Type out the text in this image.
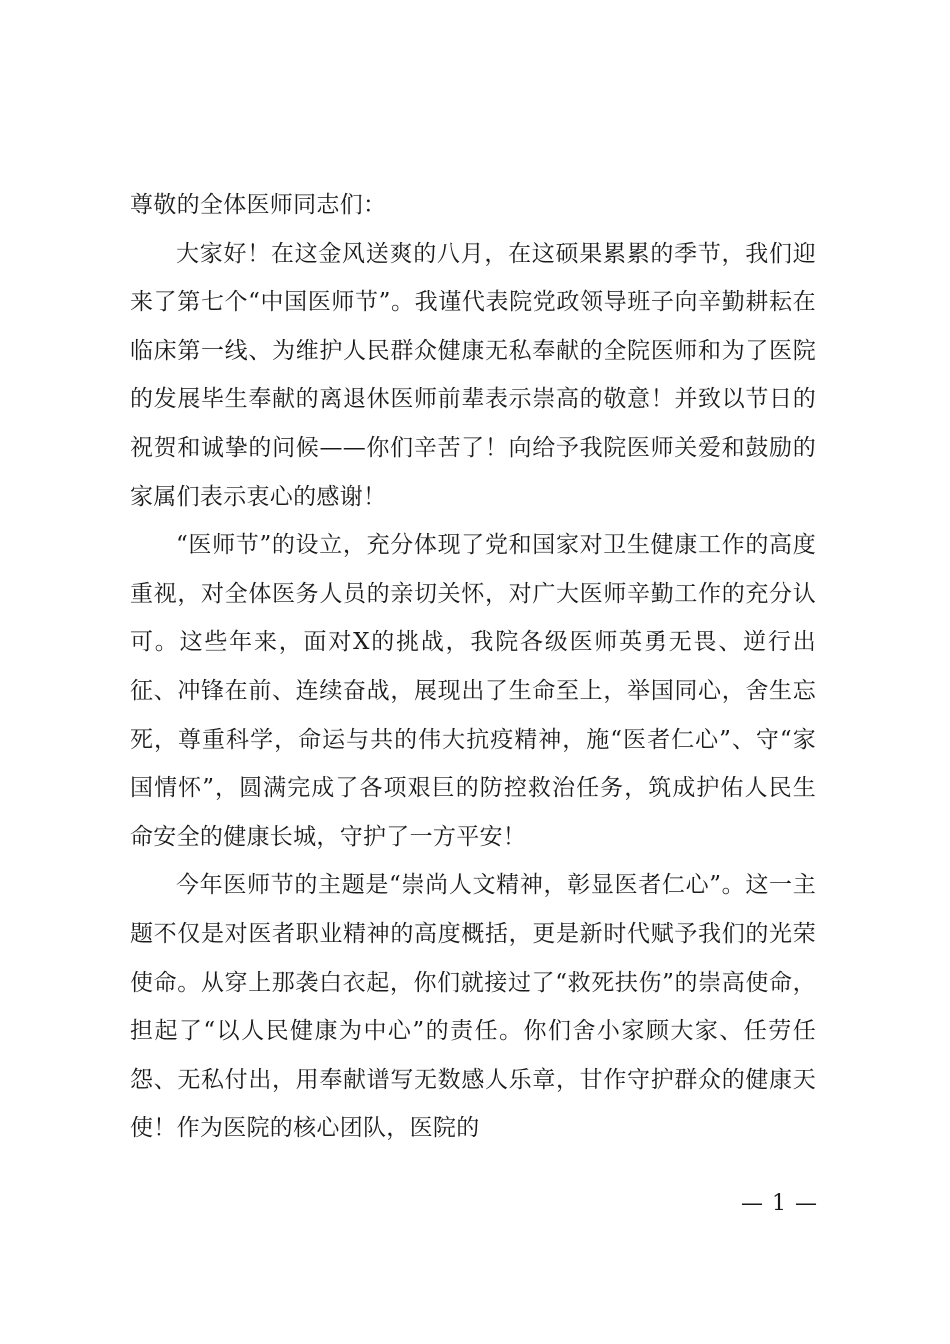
尊敬的全体医师同志们：

大家好！在这金风送爽的八月，在这硕果累累的季节，我们迎来了第七个“中国医师节”。我谨代表院党政领导班子向辛勤耕耘在临床第一线、为维护人民群众健康无私奉献的全院医师和为了医院的发展毕生奉献的离退休医师前辈表示崇高的敬意！并致以节日的祝贺和诚挚的问候——你们辛苦了！向给予我院医师关爱和鼓励的家属们表示衷心的感谢！

“医师节”的设立，充分体现了党和国家对卫生健康工作的高度重视，对全体医务人员的亲切关怀，对广大医师辛勤工作的充分认可。这些年来，面对X的挑战，我院各级医师英勇无畏、逆行出征、冲锋在前、连续奋战，展现出了生命至上，举国同心，舍生忘死，尊重科学，命运与共的伟大抗疫精神，施“医者仁心”、守“家国情怀”，圆满完成了各项艰巨的防控救治任务，筑成护佑人民生命安全的健康长城，守护了一方平安！

今年医师节的主题是“崇尚人文精神，彰显医者仁心”。这一主题不仅是对医者职业精神的高度概括，更是新时代赋予我们的光荣使命。从穿上那袭白衣起，你们就接过了“救死扶伤”的崇高使命，担起了“以人民健康为中心”的责任。你们舍小家顾大家、任劳任怨、无私付出，用奉献谱写无数感人乐章，甘作守护群众的健康天使！作为医院的核心团队，医院的

— 1 —
